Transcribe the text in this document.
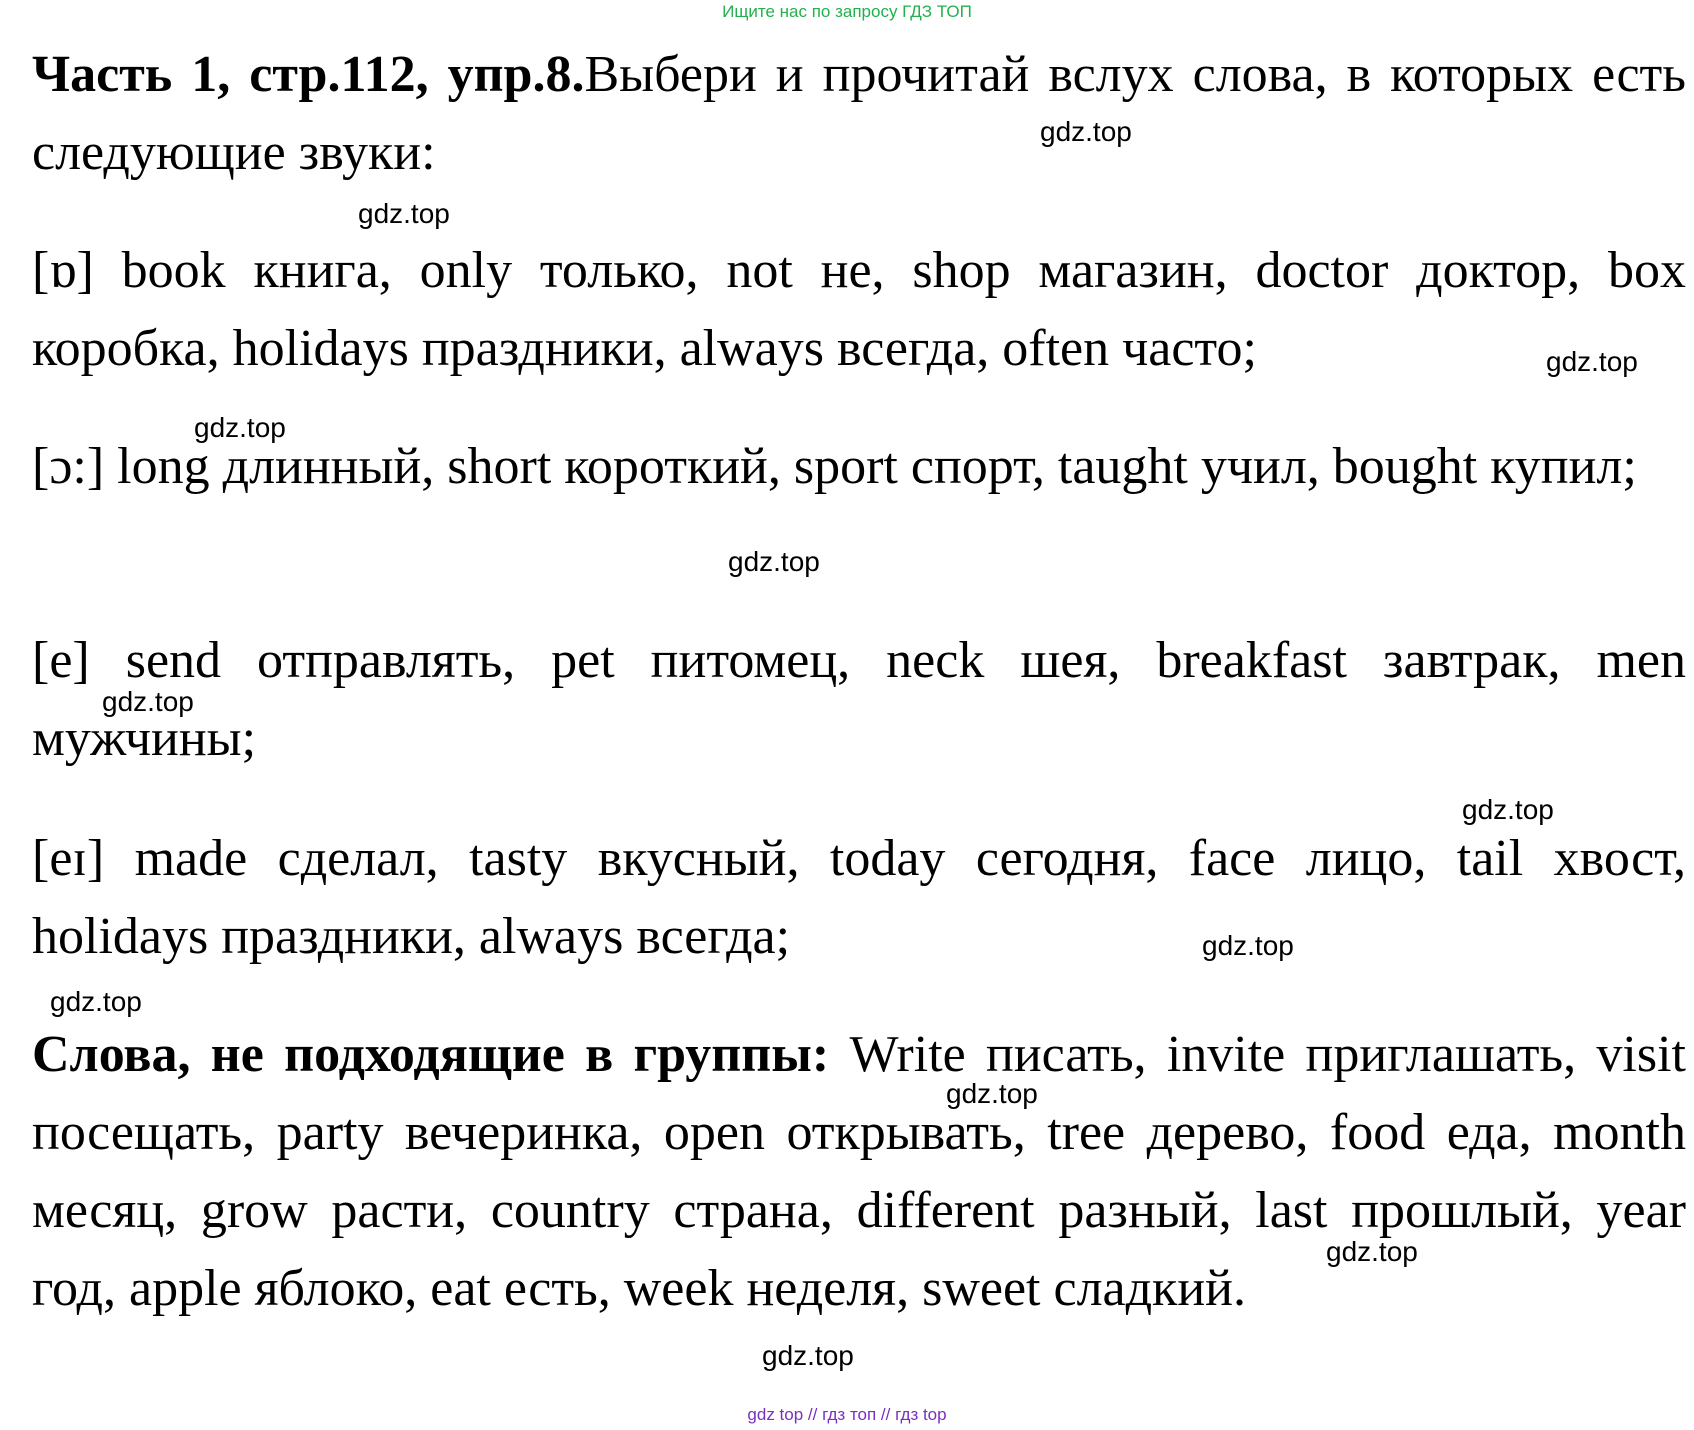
Ищите нас по запросу ГДЗ ТОП

Часть 1, стр.112, упр.8.Выбери и прочитай вслух слова, в которых есть следующие звуки:

[ɒ] book книга, only только, not не, shop магазин, doctor доктор, box коробка, holidays праздники, always всегда, often часто;

[ɔ:] long длинный, short короткий, sport спорт, taught учил, bought купил;

[e] send отправлять, pet питомец, neck шея, breakfast завтрак, men мужчины;

[eɪ] made сделал, tasty вкусный, today сегодня, face лицо, tail хвост, holidays праздники, always всегда;

Слова, не подходящие в группы: Write писать, invite приглашать, visit посещать, party вечеринка, open открывать, tree дерево, food еда, month месяц, grow расти, country страна, different разный, last прошлый, year год, apple яблоко, eat есть, week неделя, sweet сладкий.

gdz.top
gdz.top
gdz.top
gdz.top
gdz.top
gdz.top
gdz.top
gdz.top
gdz.top
gdz.top
gdz.top
gdz.top
gdz top // гдз топ // гдз top
